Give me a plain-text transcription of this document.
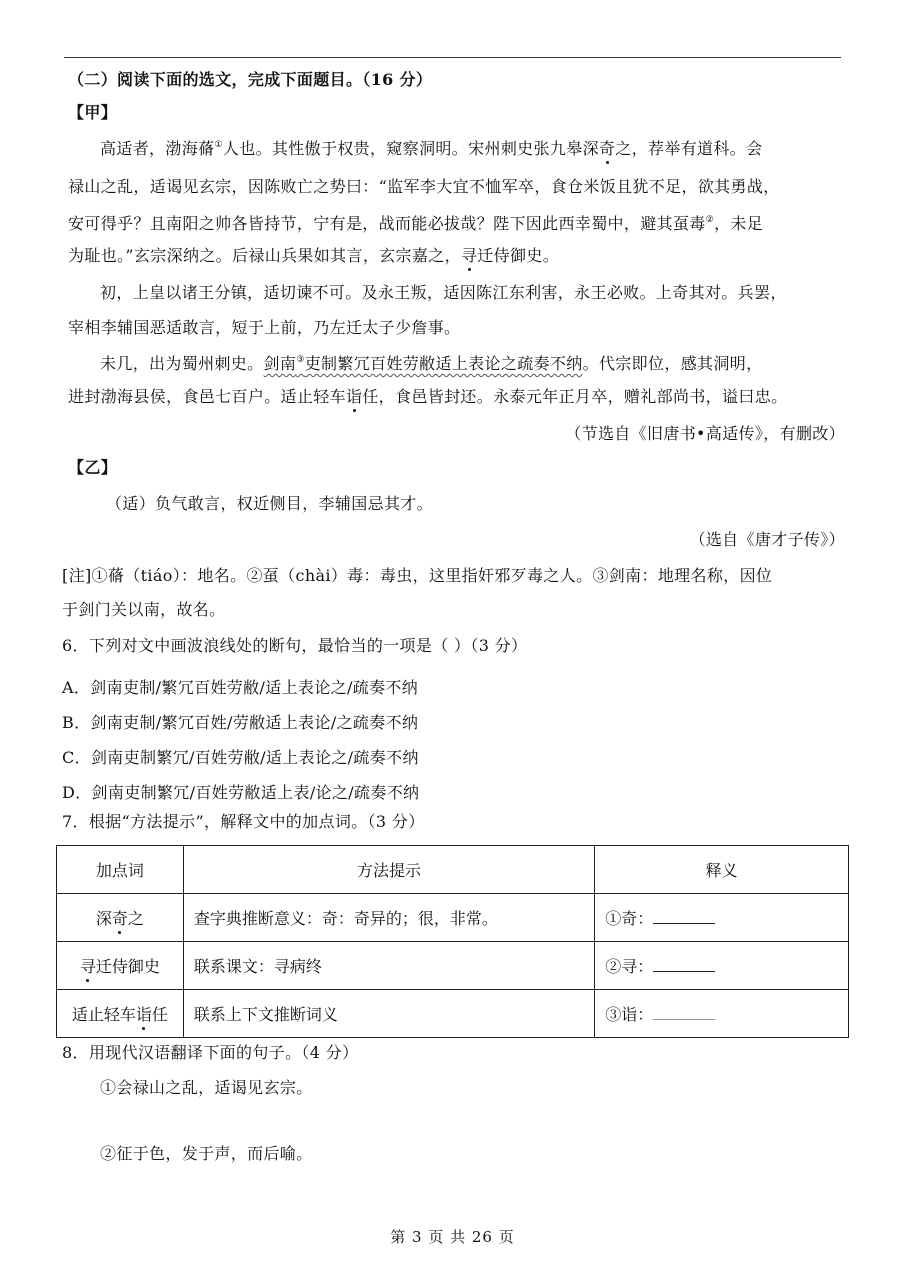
（二）阅读下面的选文，完成下面题目。（16 分）
【甲】
高适者，渤海蓨①人也。其性傲于权贵，窥察洞明。宋州刺史张九皋深奇之，荐举有道科。会
禄山之乱，适谒见玄宗，因陈败亡之势曰：“监军李大宜不恤军卒，食仓米饭且犹不足，欲其勇战，
安可得乎？且南阳之帅各皆持节，宁有是，战而能必拔哉？陛下因此西幸蜀中，避其虿毒②，未足
为耻也。”玄宗深纳之。后禄山兵果如其言，玄宗嘉之，寻迁侍御史。
初，上皇以诸王分镇，适切谏不可。及永王叛，适因陈江东利害，永王必败。上奇其对。兵罢，
宰相李辅国恶适敢言，短于上前，乃左迁太子少詹事。
未几，出为蜀州刺史。剑南③吏制繁冗百姓劳敝适上表论之疏奏不纳。代宗即位，感其洞明，
进封渤海县侯，食邑七百户。适止轻车诣任，食邑皆封还。永泰元年正月卒，赠礼部尚书，谥曰忠。
（节选自《旧唐书•高适传》，有删改）
【乙】
（适）负气敢言，权近侧目，李辅国忌其才。
（选自《唐才子传》）
[注]①蓨（tiáo）：地名。②虿（chài）毒：毒虫，这里指奸邪歹毒之人。③剑南：地理名称，因位
于剑门关以南，故名。
6．下列对文中画波浪线处的断句，最恰当的一项是（ ）（3 分）
A．剑南吏制/繁冗百姓劳敝/适上表论之/疏奏不纳
B．剑南吏制/繁冗百姓/劳敝适上表论/之疏奏不纳
C．剑南吏制繁冗/百姓劳敝/适上表论之/疏奏不纳
D．剑南吏制繁冗/百姓劳敝适上表/论之/疏奏不纳
7．根据“方法提示”，解释文中的加点词。（3 分）
加点词	方法提示	释义
深奇之	查字典推断意义：奇：奇异的；很，非常。	①奇：
寻迁侍御史	联系课文：寻病终	②寻：
适止轻车诣任	联系上下文推断词义	③诣：
8．用现代汉语翻译下面的句子。（4 分）
①会禄山之乱，适谒见玄宗。
②征于色，发于声，而后喻。
第 3 页 共 26 页
